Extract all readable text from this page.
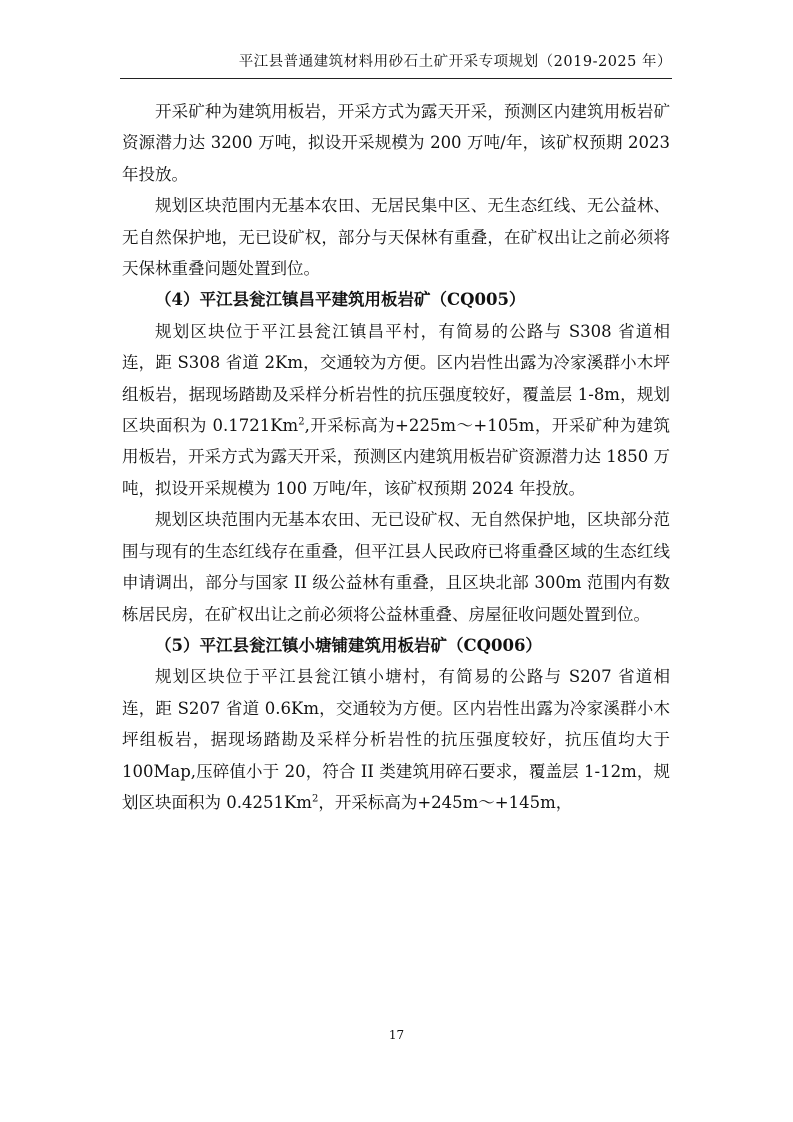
平江县普通建筑材料用砂石土矿开采专项规划（2019-2025 年）

开采矿种为建筑用板岩，开采方式为露天开采，预测区内建筑用板岩矿资源潜力达 3200 万吨，拟设开采规模为 200 万吨/年，该矿权预期 2023 年投放。

规划区块范围内无基本农田、无居民集中区、无生态红线、无公益林、无自然保护地，无已设矿权，部分与天保林有重叠，在矿权出让之前必须将天保林重叠问题处置到位。

（4）平江县瓮江镇昌平建筑用板岩矿（CQ005）

规划区块位于平江县瓮江镇昌平村，有简易的公路与 S308 省道相连，距 S308 省道 2Km，交通较为方便。区内岩性出露为冷家溪群小木坪组板岩，据现场踏勘及采样分析岩性的抗压强度较好，覆盖层 1-8m，规划区块面积为 0.1721Km$^2$,开采标高为+225m～+105m，开采矿种为建筑用板岩，开采方式为露天开采，预测区内建筑用板岩矿资源潜力达 1850 万吨，拟设开采规模为 100 万吨/年，该矿权预期 2024 年投放。

规划区块范围内无基本农田、无已设矿权、无自然保护地，区块部分范围与现有的生态红线存在重叠，但平江县人民政府已将重叠区域的生态红线申请调出，部分与国家 II 级公益林有重叠，且区块北部 300m 范围内有数栋居民房，在矿权出让之前必须将公益林重叠、房屋征收问题处置到位。

（5）平江县瓮江镇小塘铺建筑用板岩矿（CQ006）

规划区块位于平江县瓮江镇小塘村，有简易的公路与 S207 省道相连，距 S207 省道 0.6Km，交通较为方便。区内岩性出露为冷家溪群小木坪组板岩，据现场踏勘及采样分析岩性的抗压强度较好，抗压值均大于 100Map,压碎值小于 20，符合 II 类建筑用碎石要求，覆盖层 1-12m，规划区块面积为 0.4251Km$^2$，开采标高为+245m～+145m，

17
